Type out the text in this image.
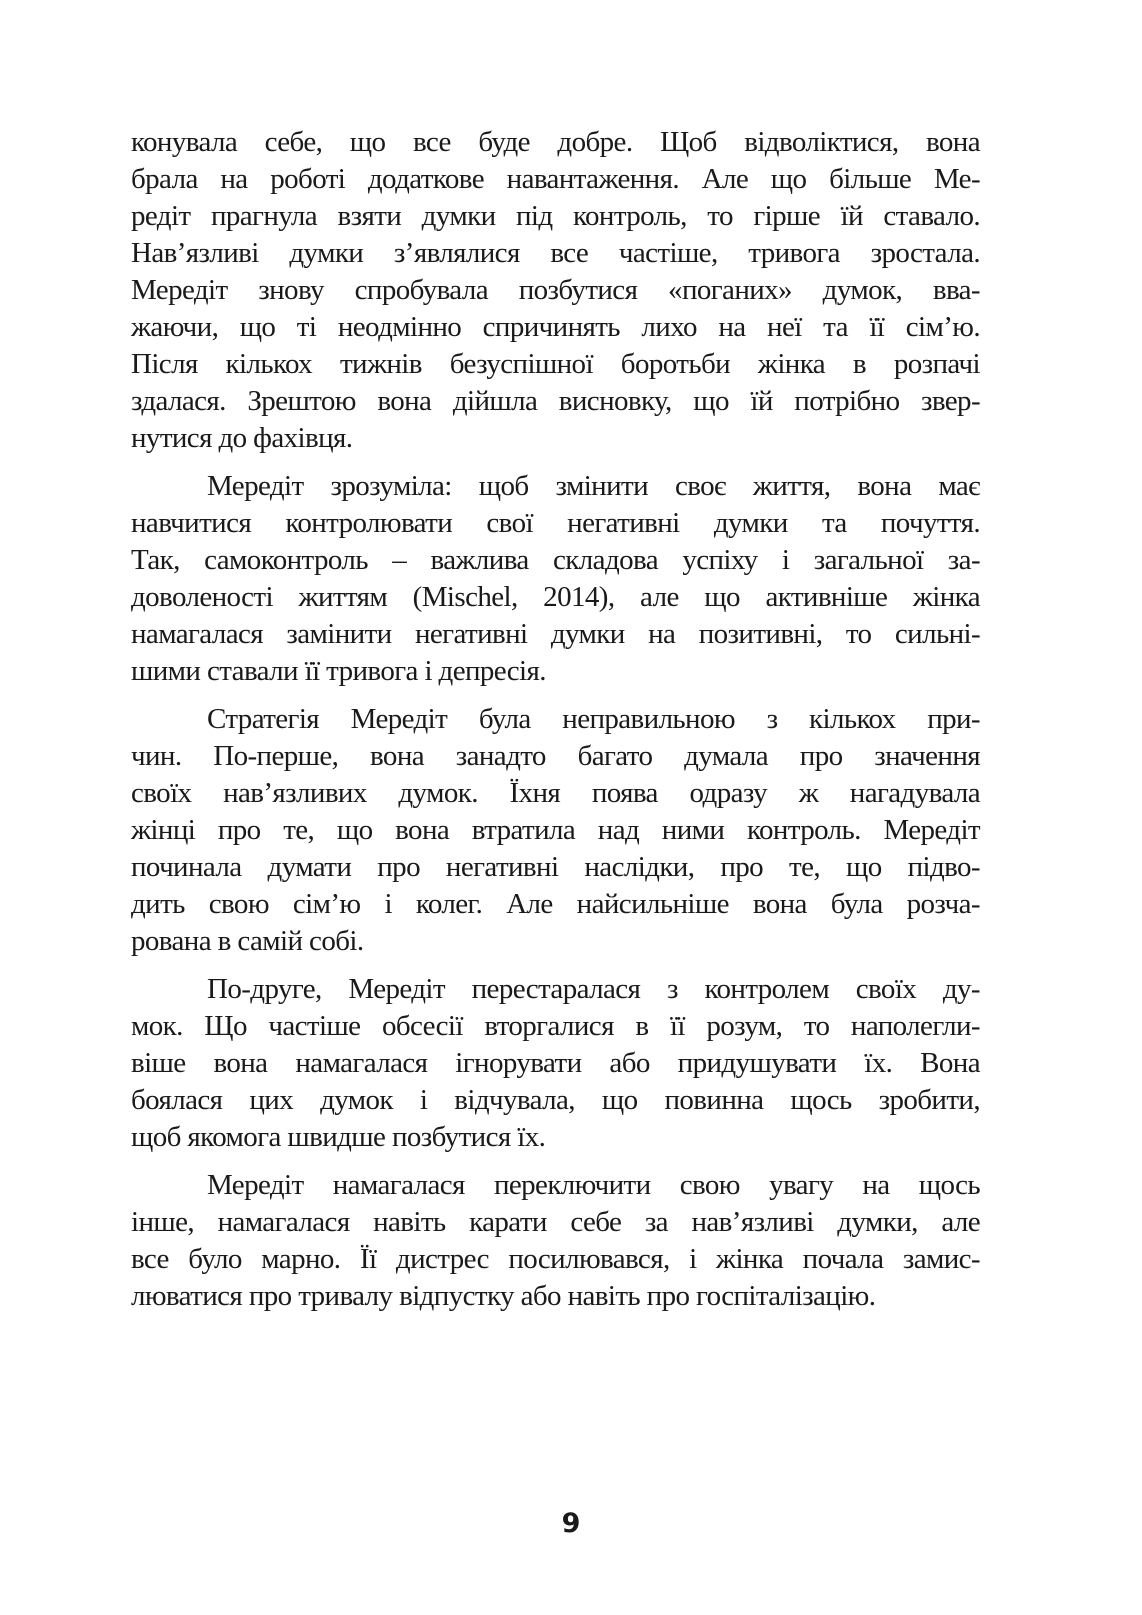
конувала себе, що все буде добре. Щоб відволіктися, вона
брала на роботі додаткове навантаження. Але що більше Ме-
редіт прагнула взяти думки під контроль, то гірше їй ставало.
Нав’язливі думки з’являлися все частіше, тривога зростала.
Мередіт знову спробувала позбутися «поганих» думок, вва-
жаючи, що ті неодмінно спричинять лихо на неї та її сім’ю.
Після кількох тижнів безуспішної боротьби жінка в розпачі
здалася. Зрештою вона дійшла висновку, що їй потрібно звер-
нутися до фахівця.
Мередіт зрозуміла: щоб змінити своє життя, вона має
навчитися контролювати свої негативні думки та почуття.
Так, самоконтроль – важлива складова успіху і загальної за-
доволеності життям (Mischel, 2014), але що активніше жінка
намагалася замінити негативні думки на позитивні, то сильні-
шими ставали її тривога і депресія.
Стратегія Мередіт була неправильною з кількох при-
чин. По-перше, вона занадто багато думала про значення
своїх нав’язливих думок. Їхня поява одразу ж нагадувала
жінці про те, що вона втратила над ними контроль. Мередіт
починала думати про негативні наслідки, про те, що підво-
дить свою сім’ю і колег. Але найсильніше вона була розча-
рована в самій собі.
По-друге, Мередіт перестаралася з контролем своїх ду-
мок. Що частіше обсесії вторгалися в її розум, то наполегли-
віше вона намагалася ігнорувати або придушувати їх. Вона
боялася цих думок і відчувала, що повинна щось зробити,
щоб якомога швидше позбутися їх.
Мередіт намагалася переключити свою увагу на щось
інше, намагалася навіть карати себе за нав’язливі думки, але
все було марно. Її дистрес посилювався, і жінка почала замис-
люватися про тривалу відпустку або навіть про госпіталізацію.
9
